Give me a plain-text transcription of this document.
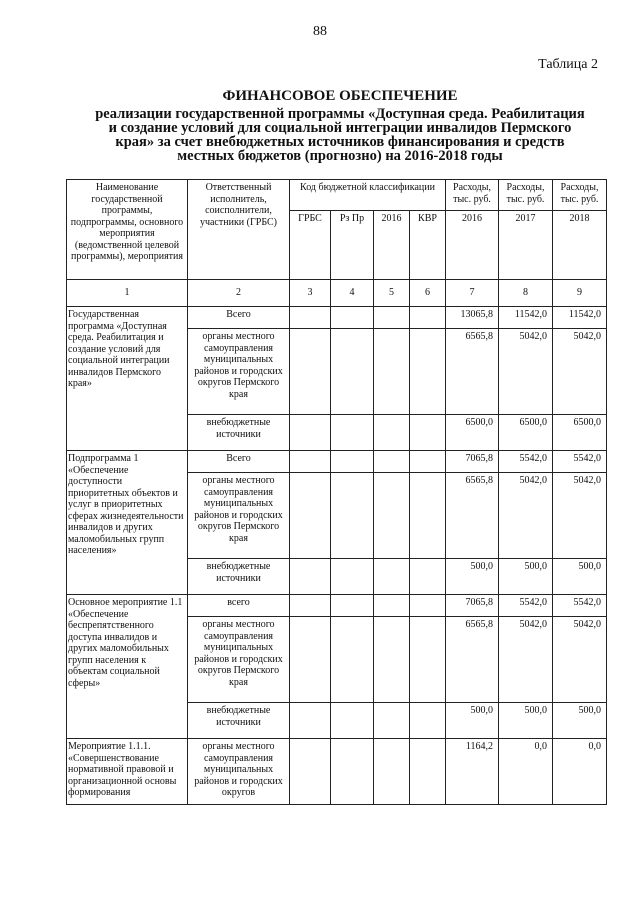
88
Таблица 2
ФИНАНСОВОЕ ОБЕСПЕЧЕНИЕ
реализации государственной программы «Доступная среда. Реабилитация
и создание условий для социальной интеграции инвалидов Пермского
края» за счет внебюджетных источников финансирования и средств
местных бюджетов (прогнозно) на 2016-2018 годы
Наименование государственной программы, подпрограммы, основного мероприятия (ведомственной целевой программы), мероприятия	Ответственный исполнитель, соисполнители, участники (ГРБС)	Код бюджетной классификации				Расходы, тыс. руб.	Расходы, тыс. руб.	Расходы, тыс. руб.
		ГРБС	Рз Пр	2016	КВР	2016	2017	2018
1	2	3	4	5	6	7	8	9
Государственная программа «Доступная среда. Реабилитация и создание условий для социальной интеграции инвалидов Пермского края»	Всего					13065,8	11542,0	11542,0
	органы местного самоуправления муниципальных районов и городских округов Пермского края					6565,8	5042,0	5042,0
	внебюджетные источники					6500,0	6500,0	6500,0
Подпрограмма 1 «Обеспечение доступности приоритетных объектов и услуг в приоритетных сферах жизнедеятельности инвалидов и других маломобильных групп населения»	Всего					7065,8	5542,0	5542,0
	органы местного самоуправления муниципальных районов и городских округов Пермского края					6565,8	5042,0	5042,0
	внебюджетные источники					500,0	500,0	500,0
Основное мероприятие 1.1 «Обеспечение беспрепятственного доступа инвалидов и других маломобильных групп населения к объектам социальной сферы»	всего					7065,8	5542,0	5542,0
	органы местного самоуправления муниципальных районов и городских округов Пермского края					6565,8	5042,0	5042,0
	внебюджетные источники					500,0	500,0	500,0
Мероприятие 1.1.1. «Совершенствование нормативной правовой и организационной основы формирования	органы местного самоуправления муниципальных районов и городских округов					1164,2	0,0	0,0
